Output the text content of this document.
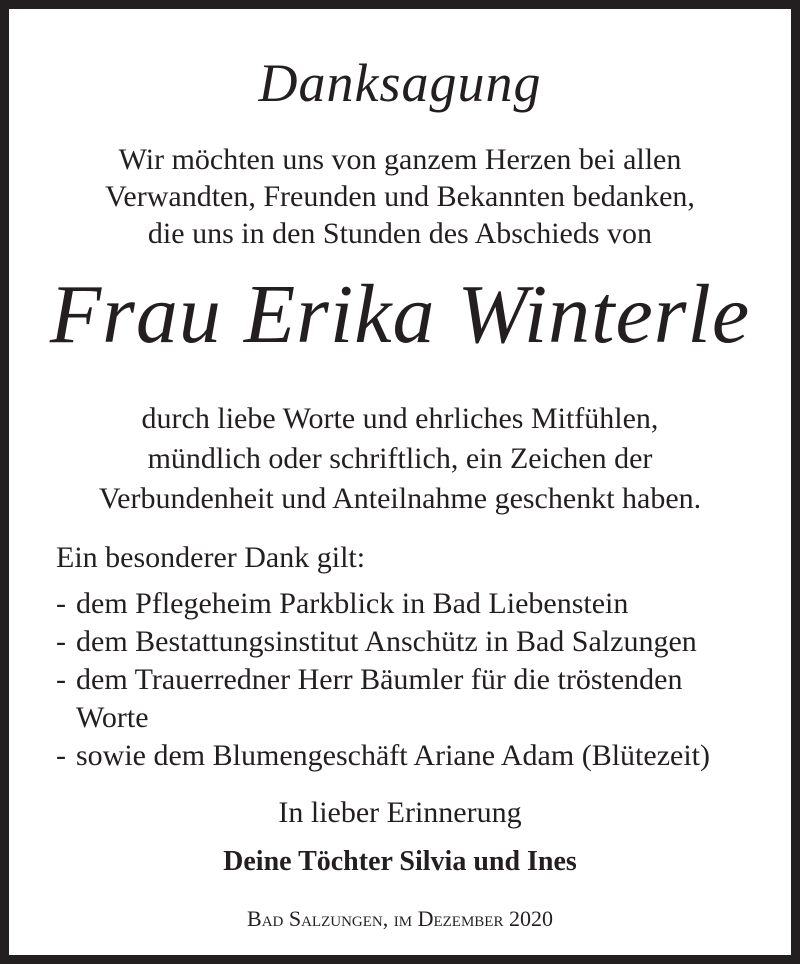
Danksagung
Wir möchten uns von ganzem Herzen bei allen
Verwandten, Freunden und Bekannten bedanken,
die uns in den Stunden des Abschieds von
Frau Erika Winterle
durch liebe Worte und ehrliches Mitfühlen,
mündlich oder schriftlich, ein Zeichen der
Verbundenheit und Anteilnahme geschenkt haben.
Ein besonderer Dank gilt:
- dem Pflegeheim Parkblick in Bad Liebenstein
- dem Bestattungsinstitut Anschütz in Bad Salzungen
- dem Trauerredner Herr Bäumler für die tröstenden
Worte
- sowie dem Blumengeschäft Ariane Adam (Blütezeit)
In lieber Erinnerung
Deine Töchter Silvia und Ines
Bad Salzungen, im Dezember 2020
